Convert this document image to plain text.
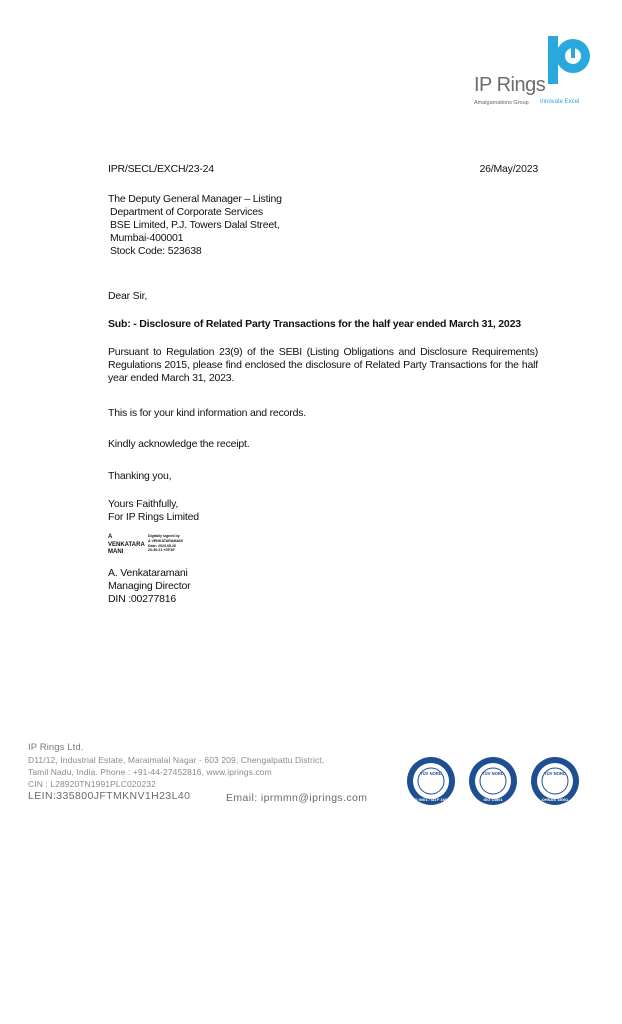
IP Rings
Amalgamations Group Innovate Excel
IPR/SECL/EXCH/23-24	26/May/2023
The Deputy General Manager – Listing
Department of Corporate Services
BSE Limited, P.J. Towers Dalal Street,
Mumbai-400001
Stock Code: 523638
Dear Sir,
Sub: - Disclosure of Related Party Transactions for the half year ended March 31, 2023
Pursuant to Regulation 23(9) of the SEBI (Listing Obligations and Disclosure Requirements) Regulations 2015, please find enclosed the disclosure of Related Party Transactions for the half year ended March 31, 2023.
This is for your kind information and records.
Kindly acknowledge the receipt.
Thanking you,
Yours Faithfully,
For IP Rings Limited
A
VENKATARA
MANI
Digitally signed by
A VENKATARAMANI
Date: 2023.05.26
20:30:21 +05'30'
A. Venkataramani
Managing Director
DIN :00277816
IP Rings Ltd.
D11/12, Industrial Estate, Maraimalai Nagar - 603 209, Chengalpattu District,
Tamil Nadu, India. Phone : +91-44-27452816, www.iprings.com
CIN : L28920TN1991PLC020232
LEIN:335800JFTMKNV1H23L40	Email: iprmmn@iprings.com
TÜV NORD
ISO 9001 / IATF 16949
TÜV NORD
ISO 14001
TÜV NORD
OHSAS 18001
